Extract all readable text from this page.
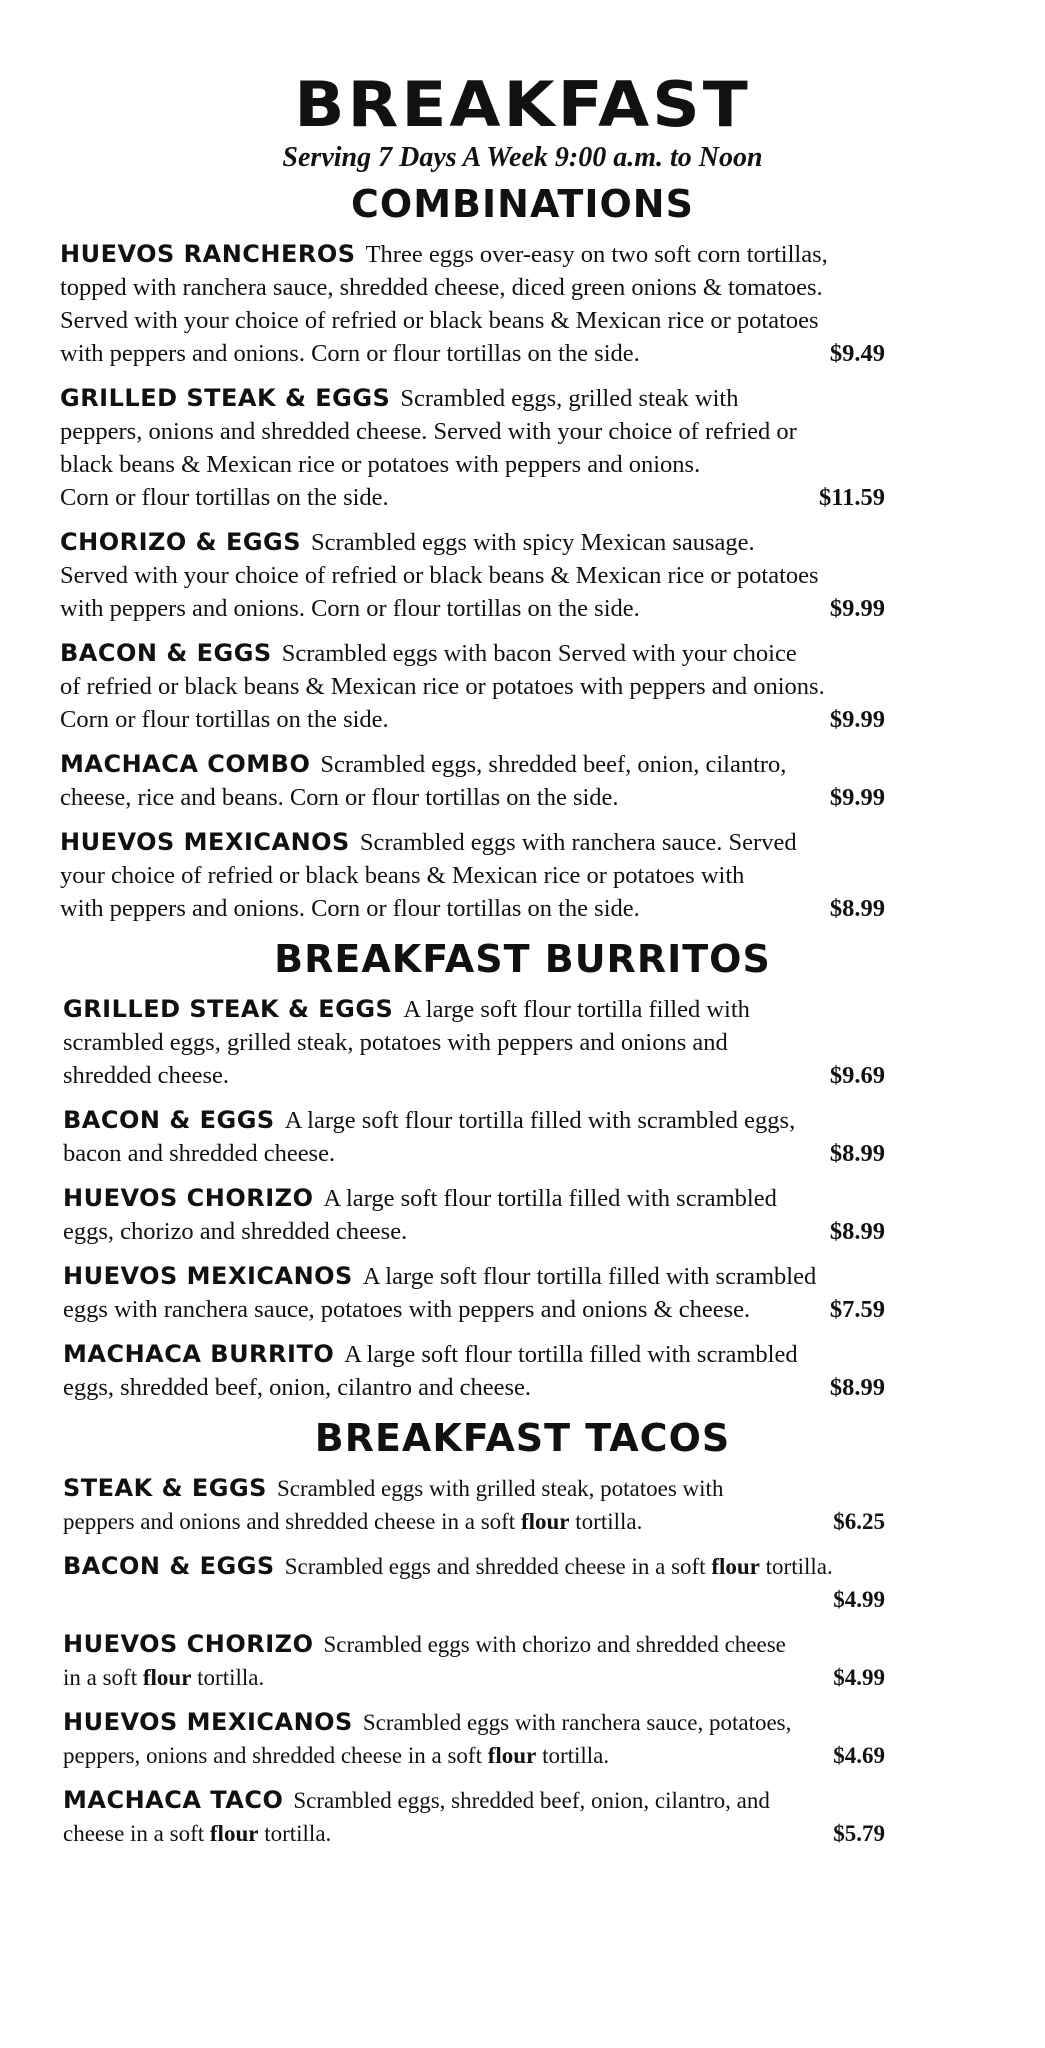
BREAKFAST
Serving 7 Days A Week 9:00 a.m. to Noon
COMBINATIONS
HUEVOS RANCHEROS Three eggs over-easy on two soft corn tortillas,
topped with ranchera sauce, shredded cheese, diced green onions & tomatoes.
Served with your choice of refried or black beans & Mexican rice or potatoes
with peppers and onions. Corn or flour tortillas on the side.	$9.49
GRILLED STEAK & EGGS Scrambled eggs, grilled steak with
peppers, onions and shredded cheese. Served with your choice of refried or
black beans & Mexican rice or potatoes with peppers and onions.
Corn or flour tortillas on the side.	$11.59
CHORIZO & EGGS Scrambled eggs with spicy Mexican sausage.
Served with your choice of refried or black beans & Mexican rice or potatoes
with peppers and onions. Corn or flour tortillas on the side.	$9.99
BACON & EGGS Scrambled eggs with bacon Served with your choice
of refried or black beans & Mexican rice or potatoes with peppers and onions.
Corn or flour tortillas on the side.	$9.99
MACHACA COMBO Scrambled eggs, shredded beef, onion, cilantro,
cheese, rice and beans. Corn or flour tortillas on the side.	$9.99
HUEVOS MEXICANOS Scrambled eggs with ranchera sauce. Served
your choice of refried or black beans & Mexican rice or potatoes with
with peppers and onions. Corn or flour tortillas on the side.	$8.99
BREAKFAST BURRITOS
GRILLED STEAK & EGGS A large soft flour tortilla filled with
scrambled eggs, grilled steak, potatoes with peppers and onions and
shredded cheese.	$9.69
BACON & EGGS A large soft flour tortilla filled with scrambled eggs,
bacon and shredded cheese.	$8.99
HUEVOS CHORIZO A large soft flour tortilla filled with scrambled
eggs, chorizo and shredded cheese.	$8.99
HUEVOS MEXICANOS A large soft flour tortilla filled with scrambled
eggs with ranchera sauce, potatoes with peppers and onions & cheese.	$7.59
MACHACA BURRITO A large soft flour tortilla filled with scrambled
eggs, shredded beef, onion, cilantro and cheese.	$8.99
BREAKFAST TACOS
STEAK & EGGS Scrambled eggs with grilled steak, potatoes with
peppers and onions and shredded cheese in a soft flour tortilla.	$6.25
BACON & EGGS Scrambled eggs and shredded cheese in a soft flour tortilla.
$4.99
HUEVOS CHORIZO Scrambled eggs with chorizo and shredded cheese
in a soft flour tortilla.	$4.99
HUEVOS MEXICANOS Scrambled eggs with ranchera sauce, potatoes,
peppers, onions and shredded cheese in a soft flour tortilla.	$4.69
MACHACA TACO Scrambled eggs, shredded beef, onion, cilantro, and
cheese in a soft flour tortilla.	$5.79
